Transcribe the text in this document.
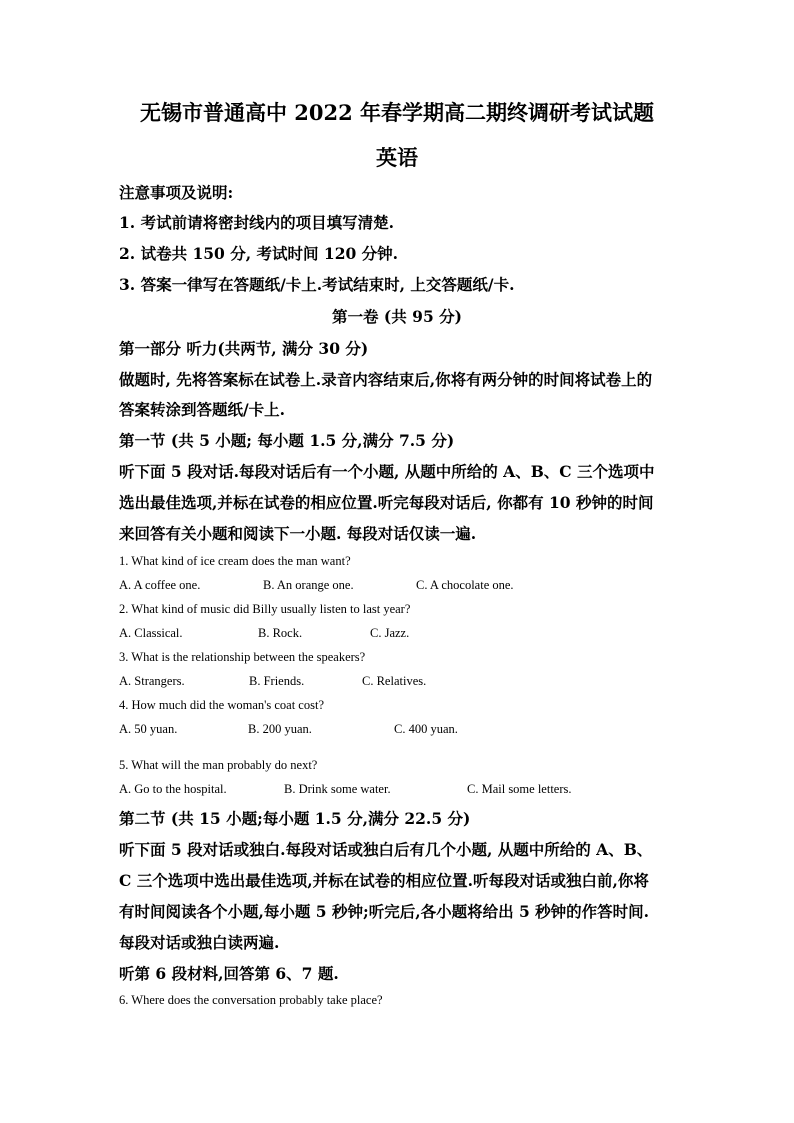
无锡市普通高中 2022 年春学期高二期终调研考试试题
英语
注意事项及说明:
1. 考试前请将密封线内的项目填写清楚.
2. 试卷共 150 分, 考试时间 120 分钟.
3. 答案一律写在答题纸/卡上.考试结束时, 上交答题纸/卡.
第一卷 (共 95 分)
第一部分 听力(共两节, 满分 30 分)
做题时, 先将答案标在试卷上.录音内容结束后,你将有两分钟的时间将试卷上的
答案转涂到答题纸/卡上.
第一节 (共 5 小题; 每小题 1.5 分,满分 7.5 分)
听下面 5 段对话.每段对话后有一个小题, 从题中所给的 A、B、C 三个选项中
选出最佳选项,并标在试卷的相应位置.听完每段对话后, 你都有 10 秒钟的时间
来回答有关小题和阅读下一小题. 每段对话仅读一遍.
1. What kind of ice cream does the man want?
A. A coffee one.	B. An orange one.	C. A chocolate one.
2. What kind of music did Billy usually listen to last year?
A. Classical.	B. Rock.	C. Jazz.
3. What is the relationship between the speakers?
A. Strangers.	B. Friends.	C. Relatives.
4. How much did the woman's coat cost?
A. 50 yuan.	B. 200 yuan.	C. 400 yuan.
5. What will the man probably do next?
A. Go to the hospital.	B. Drink some water.	C. Mail some letters.
第二节 (共 15 小题;每小题 1.5 分,满分 22.5 分)
听下面 5 段对话或独白.每段对话或独白后有几个小题, 从题中所给的 A、B、
C 三个选项中选出最佳选项,并标在试卷的相应位置.听每段对话或独白前,你将
有时间阅读各个小题,每小题 5 秒钟;听完后,各小题将给出 5 秒钟的作答时间.
每段对话或独白读两遍.
听第 6 段材料,回答第 6、7 题.
6. Where does the conversation probably take place?
